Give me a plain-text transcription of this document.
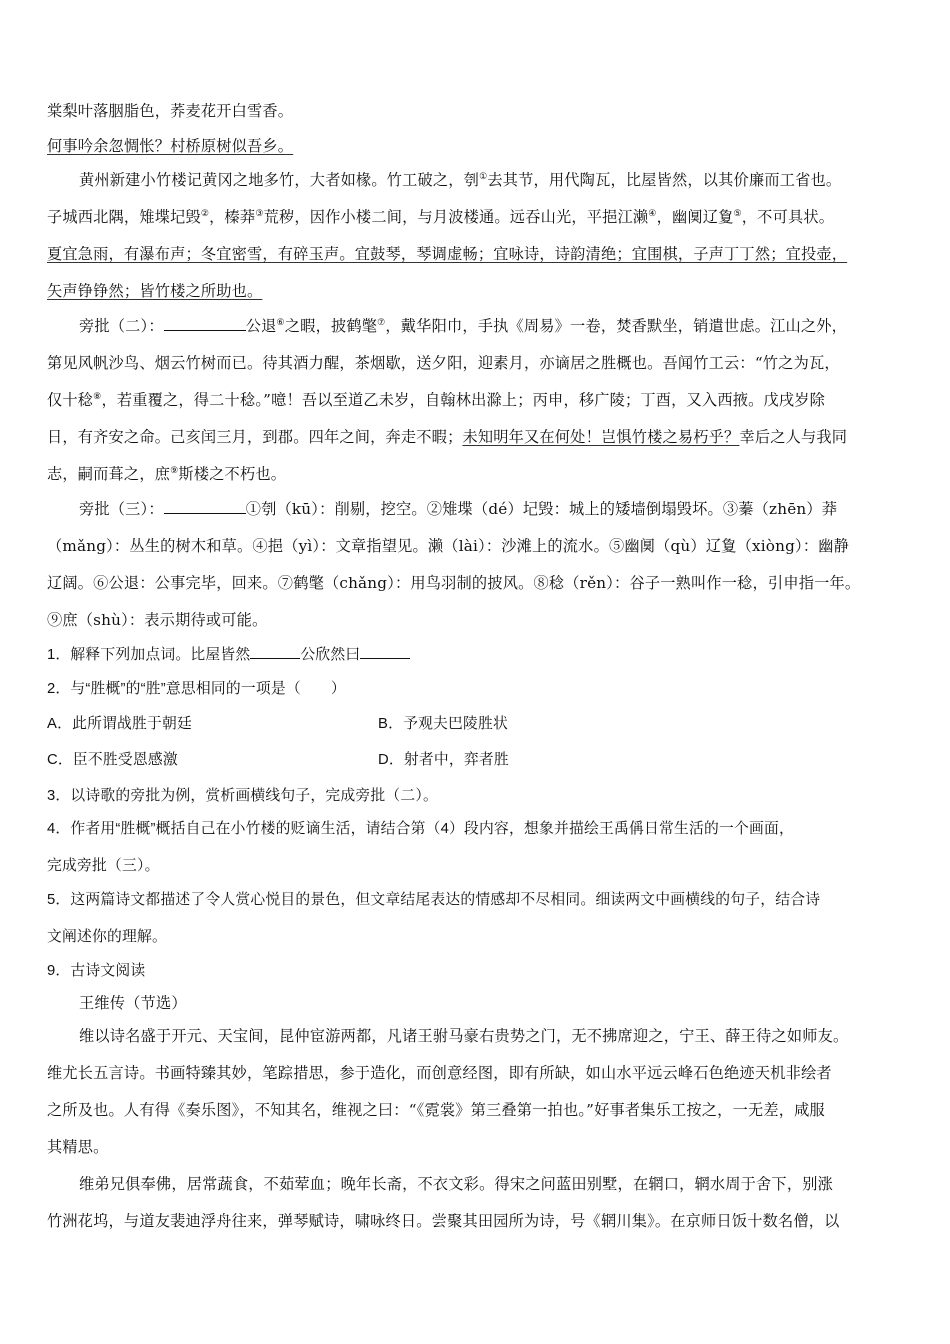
棠梨叶落胭脂色，荞麦花开白雪香。
何事吟余忽惆怅？村桥原树似吾乡。
黄州新建小竹楼记黄冈之地多竹，大者如椽。竹工破之，刳①去其节，用代陶瓦，比屋皆然，以其价廉而工省也。
子城西北隅，雉堞圮毁②，榛莽③荒秽，因作小楼二间，与月波楼通。远吞山光，平挹江濑④，幽阒辽夐⑤，不可具状。
夏宜急雨，有瀑布声；冬宜密雪，有碎玉声。宜鼓琴，琴调虚畅；宜咏诗，诗韵清绝；宜围棋，子声丁丁然；宜投壶，
矢声铮铮然；皆竹楼之所助也。
旁批（二）：	公退⑥之暇，披鹤氅⑦，戴华阳巾，手执《周易》一卷，焚香默坐，销遣世虑。江山之外，
第见风帆沙鸟、烟云竹树而已。待其酒力醒，茶烟歇，送夕阳，迎素月，亦谪居之胜概也。吾闻竹工云：“竹之为瓦，
仅十稔⑧，若重覆之，得二十稔。”噫！吾以至道乙未岁，自翰林出滁上；丙申，移广陵；丁酉，又入西掖。戊戌岁除
日，有齐安之命。己亥闰三月，到郡。四年之间，奔走不暇；未知明年又在何处！岂惧竹楼之易朽乎？幸后之人与我同
志，嗣而葺之，庶⑨斯楼之不朽也。
旁批（三）：	①刳（kū）：削剔，挖空。②雉堞（dé）圮毁：城上的矮墙倒塌毁坏。③蓁（zhēn）莽
（mǎng）：丛生的树木和草。④挹（yì）：文章指望见。濑（lài）：沙滩上的流水。⑤幽阒（qù）辽夐（xiòng）：幽静
辽阔。⑥公退：公事完毕，回来。⑦鹤氅（chǎng）：用鸟羽制的披风。⑧稔（rěn）：谷子一熟叫作一稔，引申指一年。
⑨庶（shù）：表示期待或可能。
1．解释下列加点词。比屋皆然	公欣然曰
2．与“胜概”的“胜”意思相同的一项是（　　）
A．此所谓战胜于朝廷	B．予观夫巴陵胜状
C．臣不胜受恩感激	D．射者中，弈者胜
3．以诗歌的旁批为例，赏析画横线句子，完成旁批（二）。
4．作者用“胜概”概括自己在小竹楼的贬谪生活，请结合第（4）段内容，想象并描绘王禹偁日常生活的一个画面，
完成旁批（三）。
5．这两篇诗文都描述了令人赏心悦目的景色，但文章结尾表达的情感却不尽相同。细读两文中画横线的句子，结合诗
文阐述你的理解。
9．古诗文阅读
王维传（节选）
维以诗名盛于开元、天宝间，昆仲宦游两都，凡诸王驸马豪右贵势之门，无不拂席迎之，宁王、薛王待之如师友。
维尤长五言诗。书画特臻其妙，笔踪措思，参于造化，而创意经图，即有所缺，如山水平远云峰石色绝迹天机非绘者
之所及也。人有得《奏乐图》，不知其名，维视之曰：“《霓裳》第三叠第一拍也。”好事者集乐工按之，一无差，咸服
其精思。
维弟兄俱奉佛，居常蔬食，不茹荤血；晚年长斋，不衣文彩。得宋之问蓝田别墅，在辋口，辋水周于舍下，别涨
竹洲花坞，与道友裴迪浮舟往来，弹琴赋诗，啸咏终日。尝聚其田园所为诗，号《辋川集》。在京师日饭十数名僧，以
